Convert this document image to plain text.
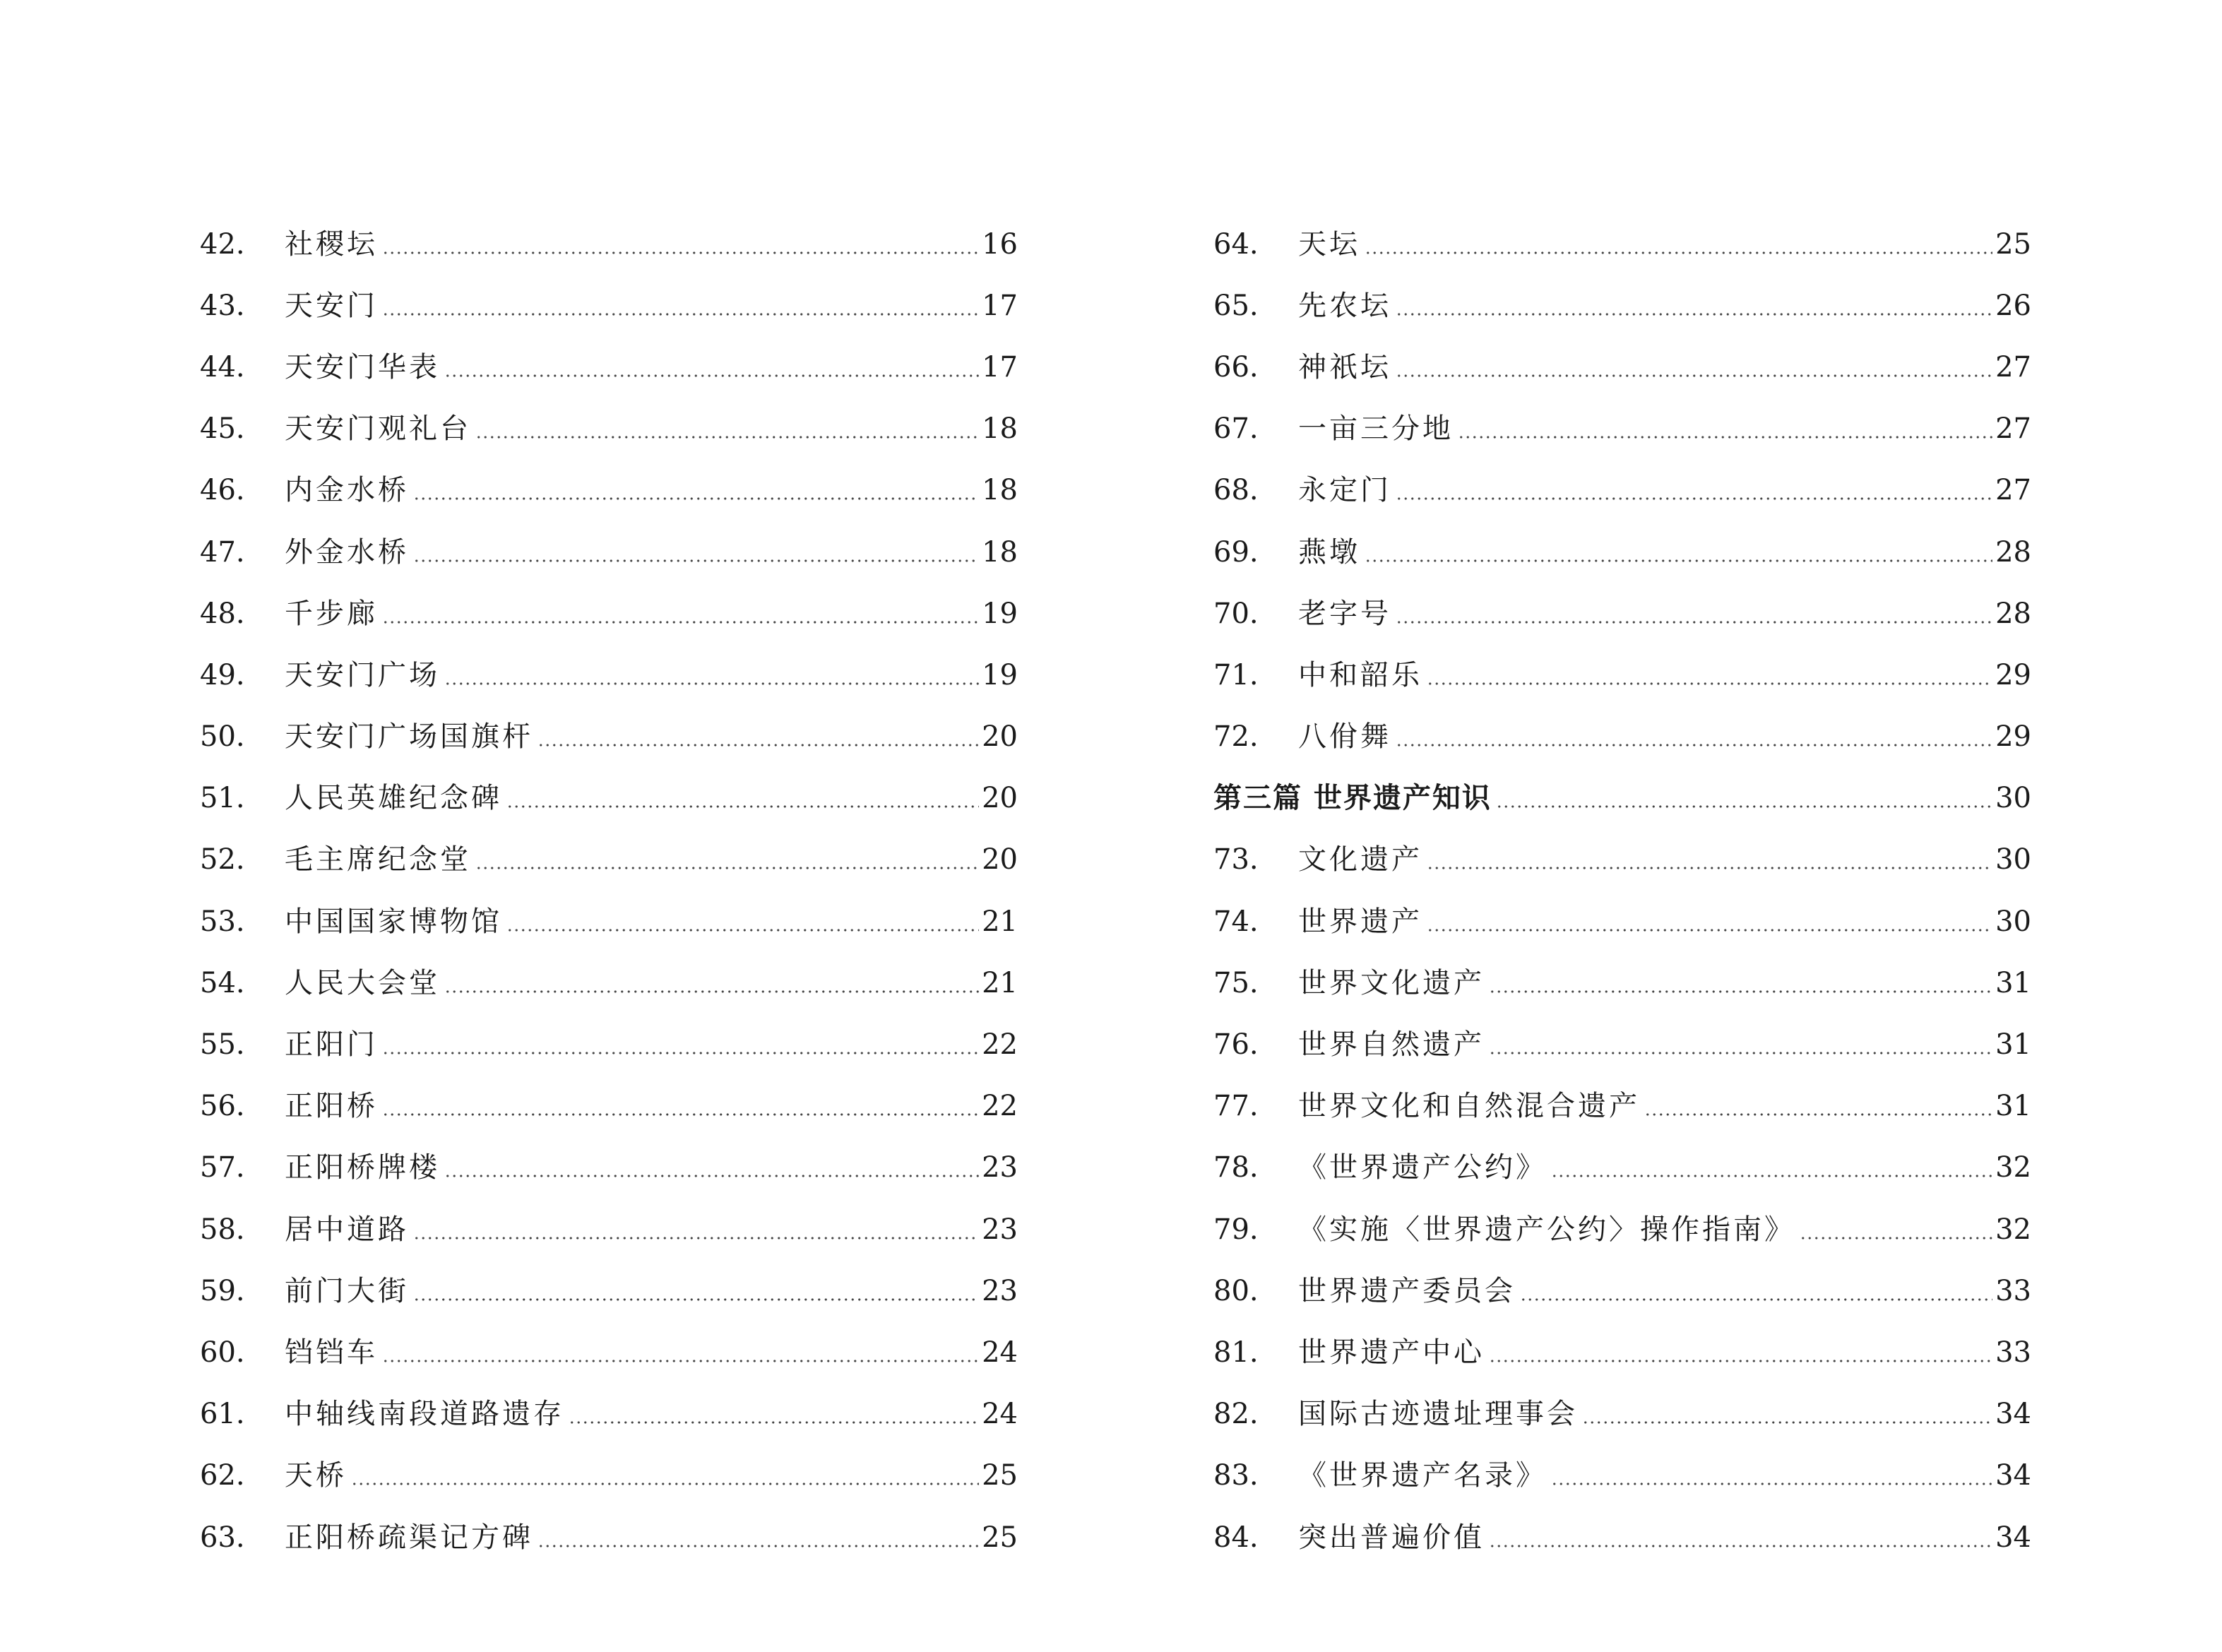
42.	社稷坛	16
43.	天安门	17
44.	天安门华表	17
45.	天安门观礼台	18
46.	内金水桥	18
47.	外金水桥	18
48.	千步廊	19
49.	天安门广场	19
50.	天安门广场国旗杆	20
51.	人民英雄纪念碑	20
52.	毛主席纪念堂	20
53.	中国国家博物馆	21
54.	人民大会堂	21
55.	正阳门	22
56.	正阳桥	22
57.	正阳桥牌楼	23
58.	居中道路	23
59.	前门大街	23
60.	铛铛车	24
61.	中轴线南段道路遗存	24
62.	天桥	25
63.	正阳桥疏渠记方碑	25
64.	天坛	25
65.	先农坛	26
66.	神祇坛	27
67.	一亩三分地	27
68.	永定门	27
69.	燕墩	28
70.	老字号	28
71.	中和韶乐	29
72.	八佾舞	29
第三篇 世界遗产知识	30
73.	文化遗产	30
74.	世界遗产	30
75.	世界文化遗产	31
76.	世界自然遗产	31
77.	世界文化和自然混合遗产	31
78.	《世界遗产公约》	32
79.	《实施〈世界遗产公约〉操作指南》	32
80.	世界遗产委员会	33
81.	世界遗产中心	33
82.	国际古迹遗址理事会	34
83.	《世界遗产名录》	34
84.	突出普遍价值	34
